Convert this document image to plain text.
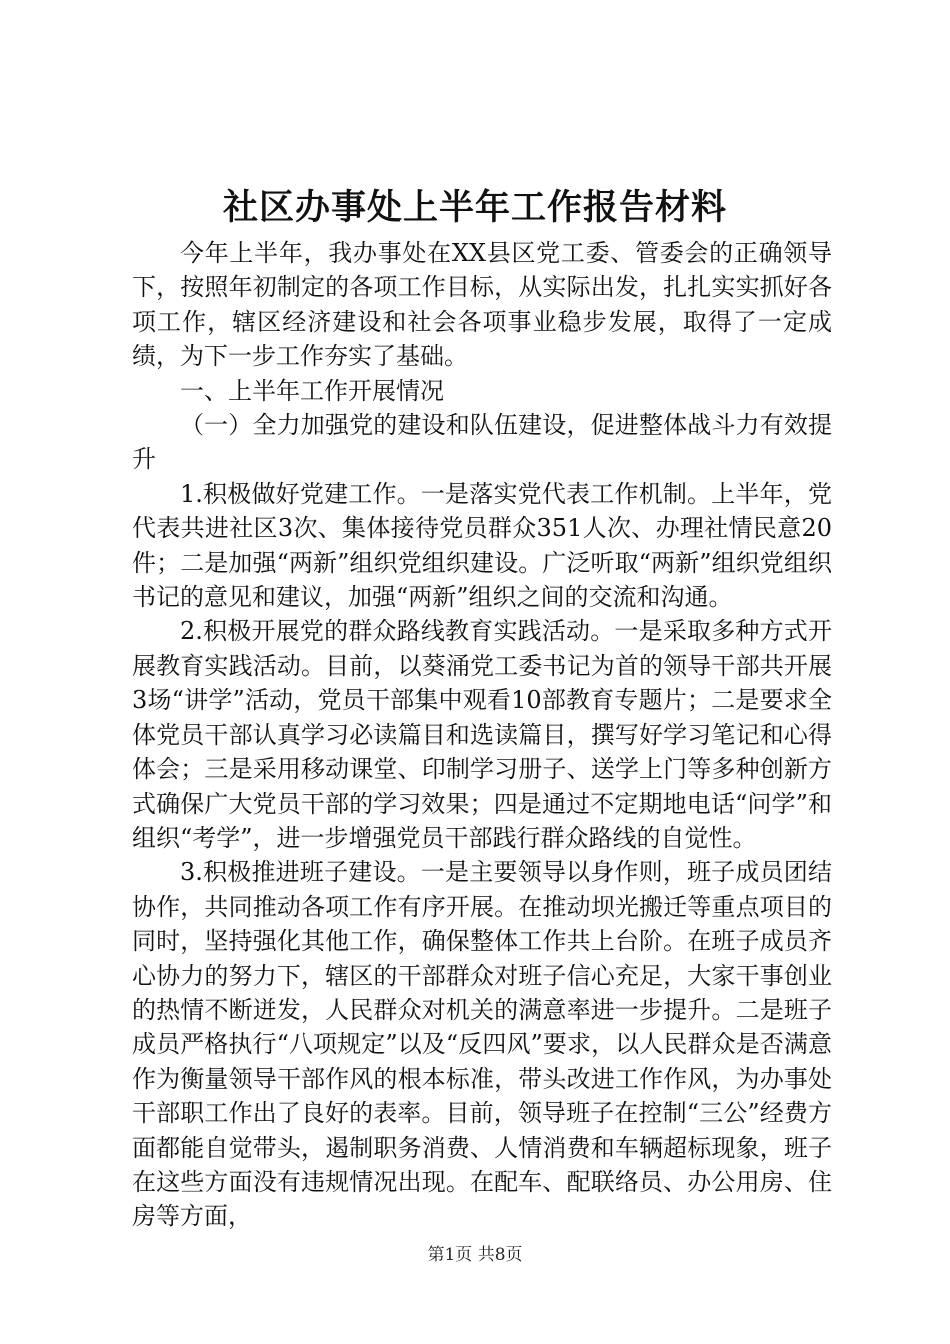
社区办事处上半年工作报告材料

今年上半年，我办事处在XX县区党工委、管委会的正确领导下，按照年初制定的各项工作目标，从实际出发，扎扎实实抓好各项工作，辖区经济建设和社会各项事业稳步发展，取得了一定成绩，为下一步工作夯实了基础。

一、上半年工作开展情况

（一）全力加强党的建设和队伍建设，促进整体战斗力有效提升

1.积极做好党建工作。一是落实党代表工作机制。上半年，党代表共进社区3次、集体接待党员群众351人次、办理社情民意20件；二是加强“两新”组织党组织建设。广泛听取“两新”组织党组织书记的意见和建议，加强“两新”组织之间的交流和沟通。

2.积极开展党的群众路线教育实践活动。一是采取多种方式开展教育实践活动。目前，以葵涌党工委书记为首的领导干部共开展3场“讲学”活动，党员干部集中观看10部教育专题片；二是要求全体党员干部认真学习必读篇目和选读篇目，撰写好学习笔记和心得体会；三是采用移动课堂、印制学习册子、送学上门等多种创新方式确保广大党员干部的学习效果；四是通过不定期地电话“问学”和组织“考学”，进一步增强党员干部践行群众路线的自觉性。

3.积极推进班子建设。一是主要领导以身作则，班子成员团结协作，共同推动各项工作有序开展。在推动坝光搬迁等重点项目的同时，坚持强化其他工作，确保整体工作共上台阶。在班子成员齐心协力的努力下，辖区的干部群众对班子信心充足，大家干事创业的热情不断迸发，人民群众对机关的满意率进一步提升。二是班子成员严格执行“八项规定”以及“反四风”要求，以人民群众是否满意作为衡量领导干部作风的根本标准，带头改进工作作风，为办事处干部职工作出了良好的表率。目前，领导班子在控制“三公”经费方面都能自觉带头，遏制职务消费、人情消费和车辆超标现象，班子在这些方面没有违规情况出现。在配车、配联络员、办公用房、住房等方面，

第1页 共8页
